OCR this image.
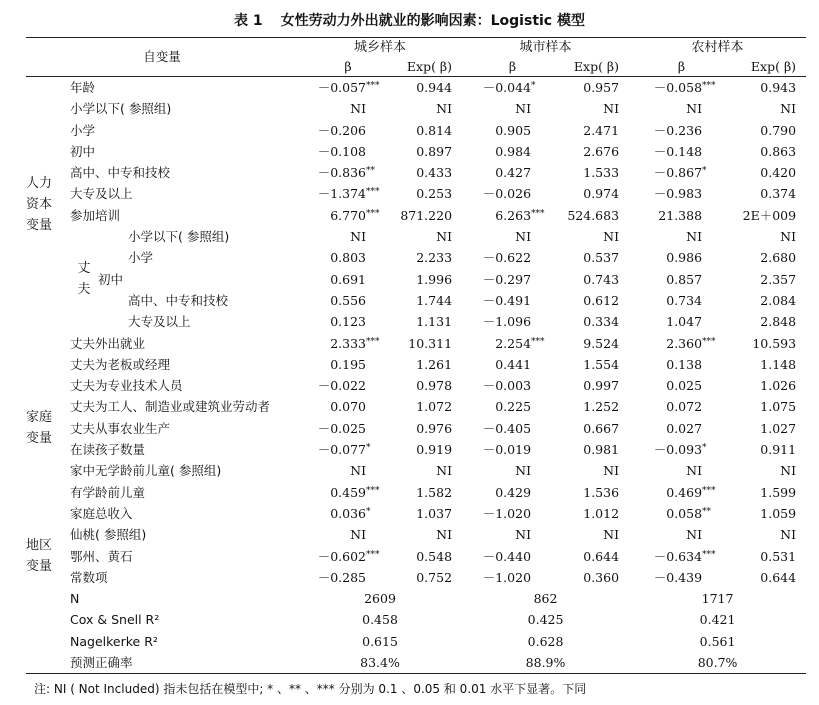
表 1 女性劳动力外出就业的影响因素：Logistic 模型
自变量			城乡样本		城市样本		农村样本	
			β	Exp( β)	β	Exp( β)	β	Exp( β)

人力
资本
变量	年龄		－0.057***	0.944	－0.044*	0.957	－0.058***	0.943
	小学以下( 参照组)		NI	NI	NI	NI	NI	NI
	小学		－0.206	0.814	0.905	2.471	－0.236	0.790
	初中		－0.108	0.897	0.984	2.676	－0.148	0.863
	高中、中专和技校		－0.836**	0.433	0.427	1.533	－0.867*	0.420
	大专及以上		－1.374***	0.253	－0.026	0.974	－0.983	0.374
	参加培训		6.770***	871.220	6.263***	524.683	21.388	2E＋009

	丈
夫	小学以下( 参照组)	NI	NI	NI	NI	NI	NI
		小学	0.803	2.233	－0.622	0.537	0.986	2.680
		初中	0.691	1.996	－0.297	0.743	0.857	2.357
		高中、中专和技校	0.556	1.744	－0.491	0.612	0.734	2.084
		大专及以上	0.123	1.131	－1.096	0.334	1.047	2.848

家庭
变量	丈夫外出就业		2.333***	10.311	2.254***	9.524	2.360***	10.593
	丈夫为老板或经理		0.195	1.261	0.441	1.554	0.138	1.148
	丈夫为专业技术人员		－0.022	0.978	－0.003	0.997	0.025	1.026
	丈夫为工人、制造业或建筑业劳动者		0.070	1.072	0.225	1.252	0.072	1.075
	丈夫从事农业生产		－0.025	0.976	－0.405	0.667	0.027	1.027
	在读孩子数量		－0.077*	0.919	－0.019	0.981	－0.093*	0.911
	家中无学龄前儿童( 参照组)		NI	NI	NI	NI	NI	NI
	有学龄前儿童		0.459***	1.582	0.429	1.536	0.469***	1.599
	家庭总收入		0.036*	1.037	－1.020	1.012	0.058**	1.059

地区
变量	仙桃( 参照组)		NI	NI	NI	NI	NI	NI
	鄂州、黄石		－0.602***	0.548	－0.440	0.644	－0.634***	0.531
	常数项		－0.285	0.752	－1.020	0.360	－0.439	0.644
	N		2609		862		1717	
	Cox & Snell R²		0.458		0.425		0.421	
	Nagelkerke R²		0.615		0.628		0.561	
	预测正确率		83.4%		88.9%		80.7%	
注: NI ( Not Included) 指未包括在模型中; * 、** 、*** 分别为 0.1 、0.05 和 0.01 水平下显著。下同
